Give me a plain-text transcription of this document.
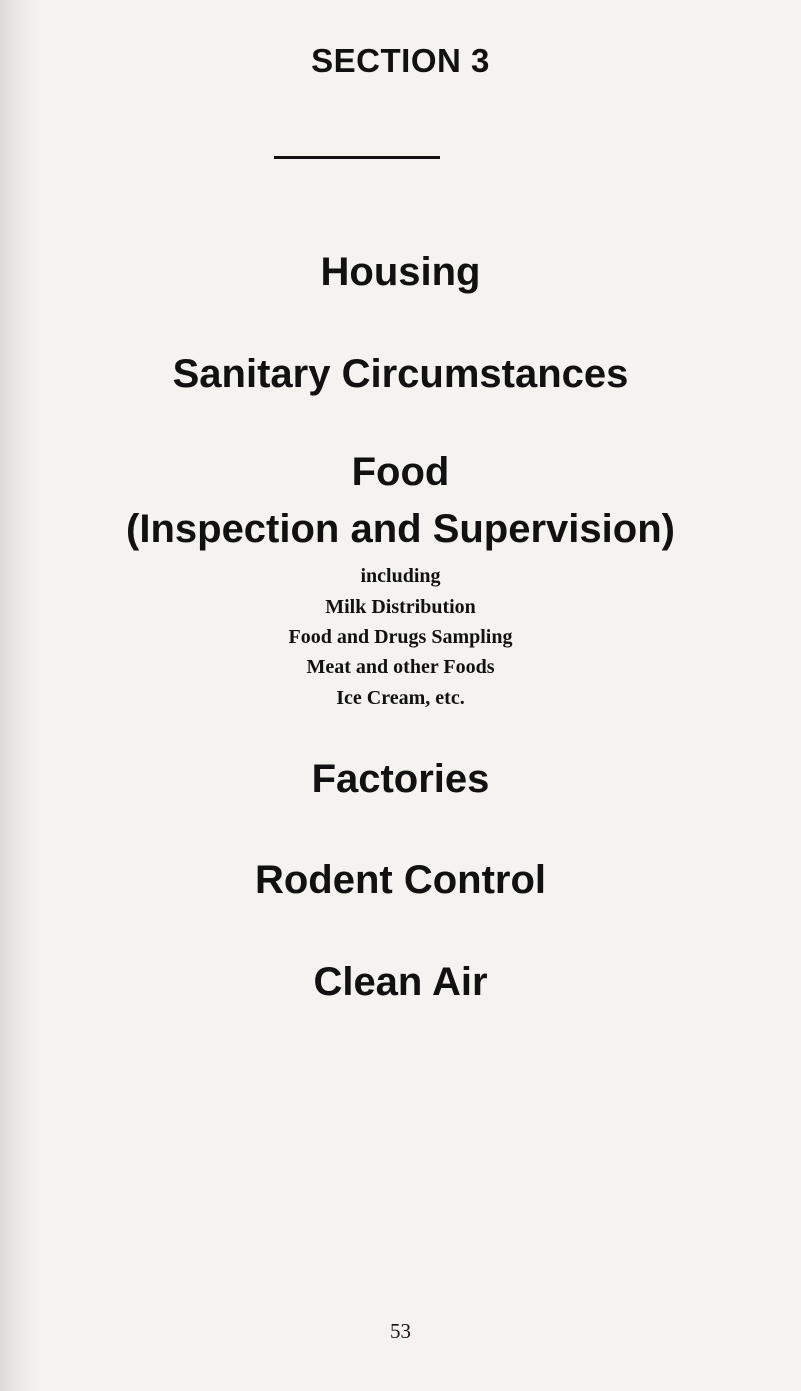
SECTION 3
Housing
Sanitary Circumstances
Food
(Inspection and Supervision)
including
Milk Distribution
Food and Drugs Sampling
Meat and other Foods
Ice Cream, etc.
Factories
Rodent Control
Clean Air
53
